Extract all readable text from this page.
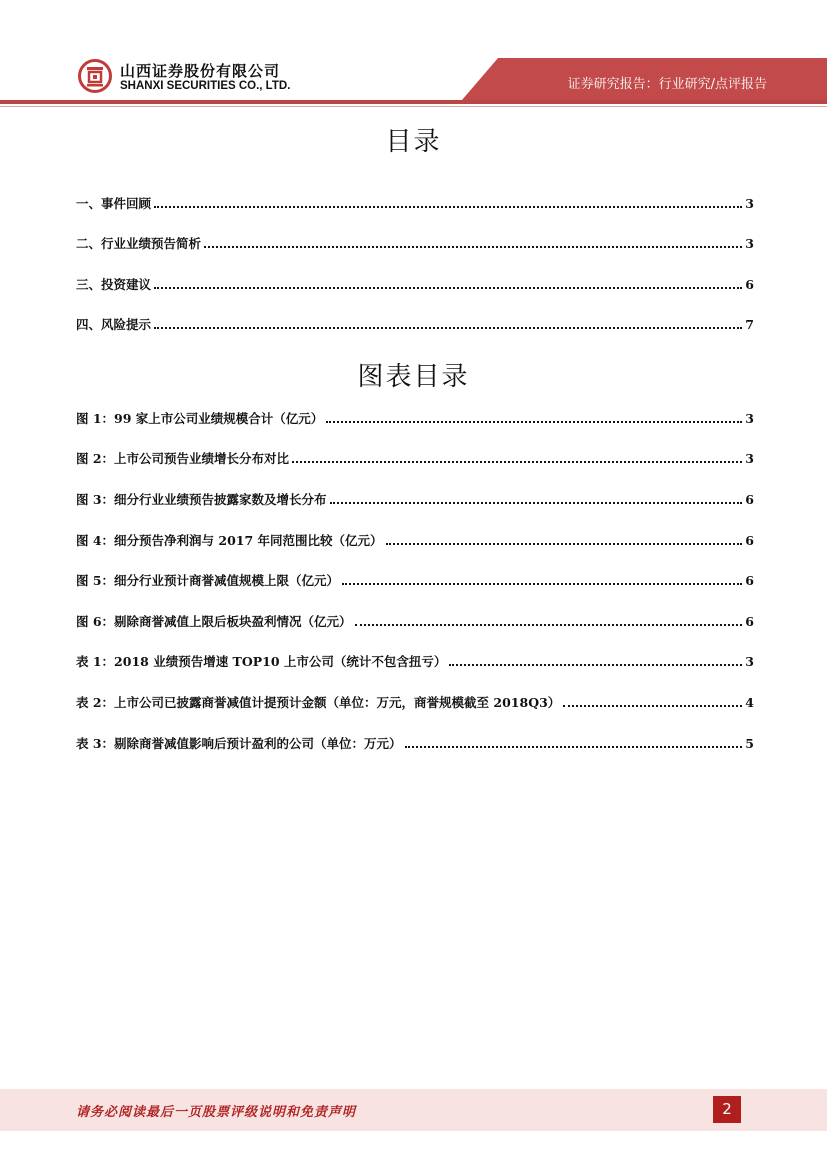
山西证券股份有限公司
SHANXI SECURITIES CO., LTD.	证券研究报告：行业研究/点评报告
目录
一、事件回顾	3
二、行业业绩预告简析	3
三、投资建议	6
四、风险提示	7
图表目录
图 1：99 家上市公司业绩规模合计（亿元）	3
图 2：上市公司预告业绩增长分布对比	3
图 3：细分行业业绩预告披露家数及增长分布	6
图 4：细分预告净利润与 2017 年同范围比较（亿元）	6
图 5：细分行业预计商誉减值规模上限（亿元）	6
图 6：剔除商誉减值上限后板块盈利情况（亿元）	6
表 1：2018 业绩预告增速 TOP10 上市公司（统计不包含扭亏）	3
表 2：上市公司已披露商誉减值计提预计金额（单位：万元，商誉规模截至 2018Q3）	4
表 3：剔除商誉减值影响后预计盈利的公司（单位：万元）	5
请务必阅读最后一页股票评级说明和免责声明	2
